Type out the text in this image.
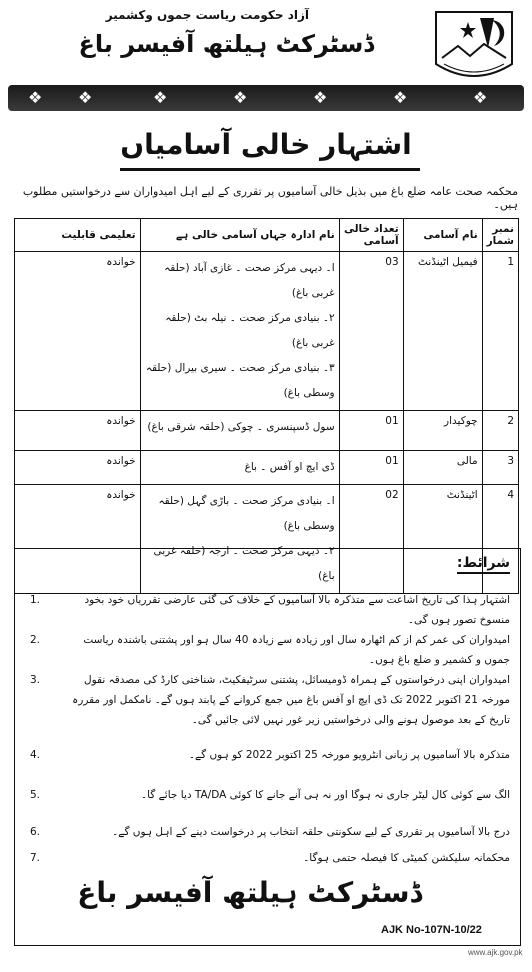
آزاد حکومت ریاست جموں وکشمیر
ڈسٹرکٹ ہیلتھ آفیسر باغ
❖ ❖	❖	❖	❖	❖	❖
اشتہار خالی آسامیاں
محکمہ صحت عامہ ضلع باغ میں بذیل خالی آسامیوں پر تقرری کے لیے اہل امیدواران سے درخواستیں مطلوب ہیں۔
نمبر شمار	نام آسامی	تعداد خالی آسامی	نام ادارہ جہاں آسامی خالی ہے	تعلیمی قابلیت
1	فیمیل اٹینڈنٹ	03	ا۔ دیہی مرکز صحت ۔ غازی آباد (حلقہ غربی باغ)
۲۔ بنیادی مرکز صحت ۔ نیلہ بٹ (حلقہ غربی باغ)
۳۔ بنیادی مرکز صحت ۔ سیری بیرال (حلقہ وسطی باغ)	خواندہ
2	چوکیدار	01	سول ڈسپنسری ۔ چوکی (حلقہ شرقی باغ)	خواندہ
3	مالی	01	ڈی ایچ او آفس ۔ باغ	خواندہ
4	اٹینڈنٹ	02	ا۔ بنیادی مرکز صحت ۔ باڑی گہل (حلقہ وسطی باغ)
۲۔ دیہی مرکز صحت ۔ ارجہ (حلقہ غربی باغ)	خواندہ
شرائط:
اشتہار ہذا کی تاریخ اشاعت سے متذکرہ بالا آسامیوں کے خلاف کی گئی عارضی تقرریاں خود بخود منسوخ تصور ہوں گی۔
1.
امیدواران کی عمر کم از کم اٹھارہ سال اور زیادہ سے زیادہ 40 سال ہو اور پشتنی باشندہ ریاست جموں و کشمیر و ضلع باغ ہوں۔
2.
امیدواران اپنی درخواستوں کے ہمراہ ڈومیسائل، پشتنی سرٹیفکیٹ، شناختی کارڈ کی مصدقہ نقول مورخہ 21 اکتوبر 2022 تک ڈی ایچ او آفس باغ میں جمع کروانے کے پابند ہوں گے۔ نامکمل اور مقررہ تاریخ کے بعد موصول ہونے والی درخواستیں زیر غور نہیں لائی جائیں گی۔
3.
متذکرہ بالا آسامیوں پر زبانی انٹرویو مورخہ 25 اکتوبر 2022 کو ہوں گے۔
4.
الگ سے کوئی کال لیٹر جاری نہ ہوگا اور نہ ہی آنے جانے کا کوئی TA/DA دیا جائے گا۔
5.
درج بالا آسامیوں پر تقرری کے لیے سکونتی حلقہ انتخاب پر درخواست دینے کے اہل ہوں گے۔
6.
محکمانہ سلیکشن کمیٹی کا فیصلہ حتمی ہوگا۔
7.
ڈسٹرکٹ ہیلتھ آفیسر باغ
AJK No-107N-10/22
www.ajk.gov.pk
